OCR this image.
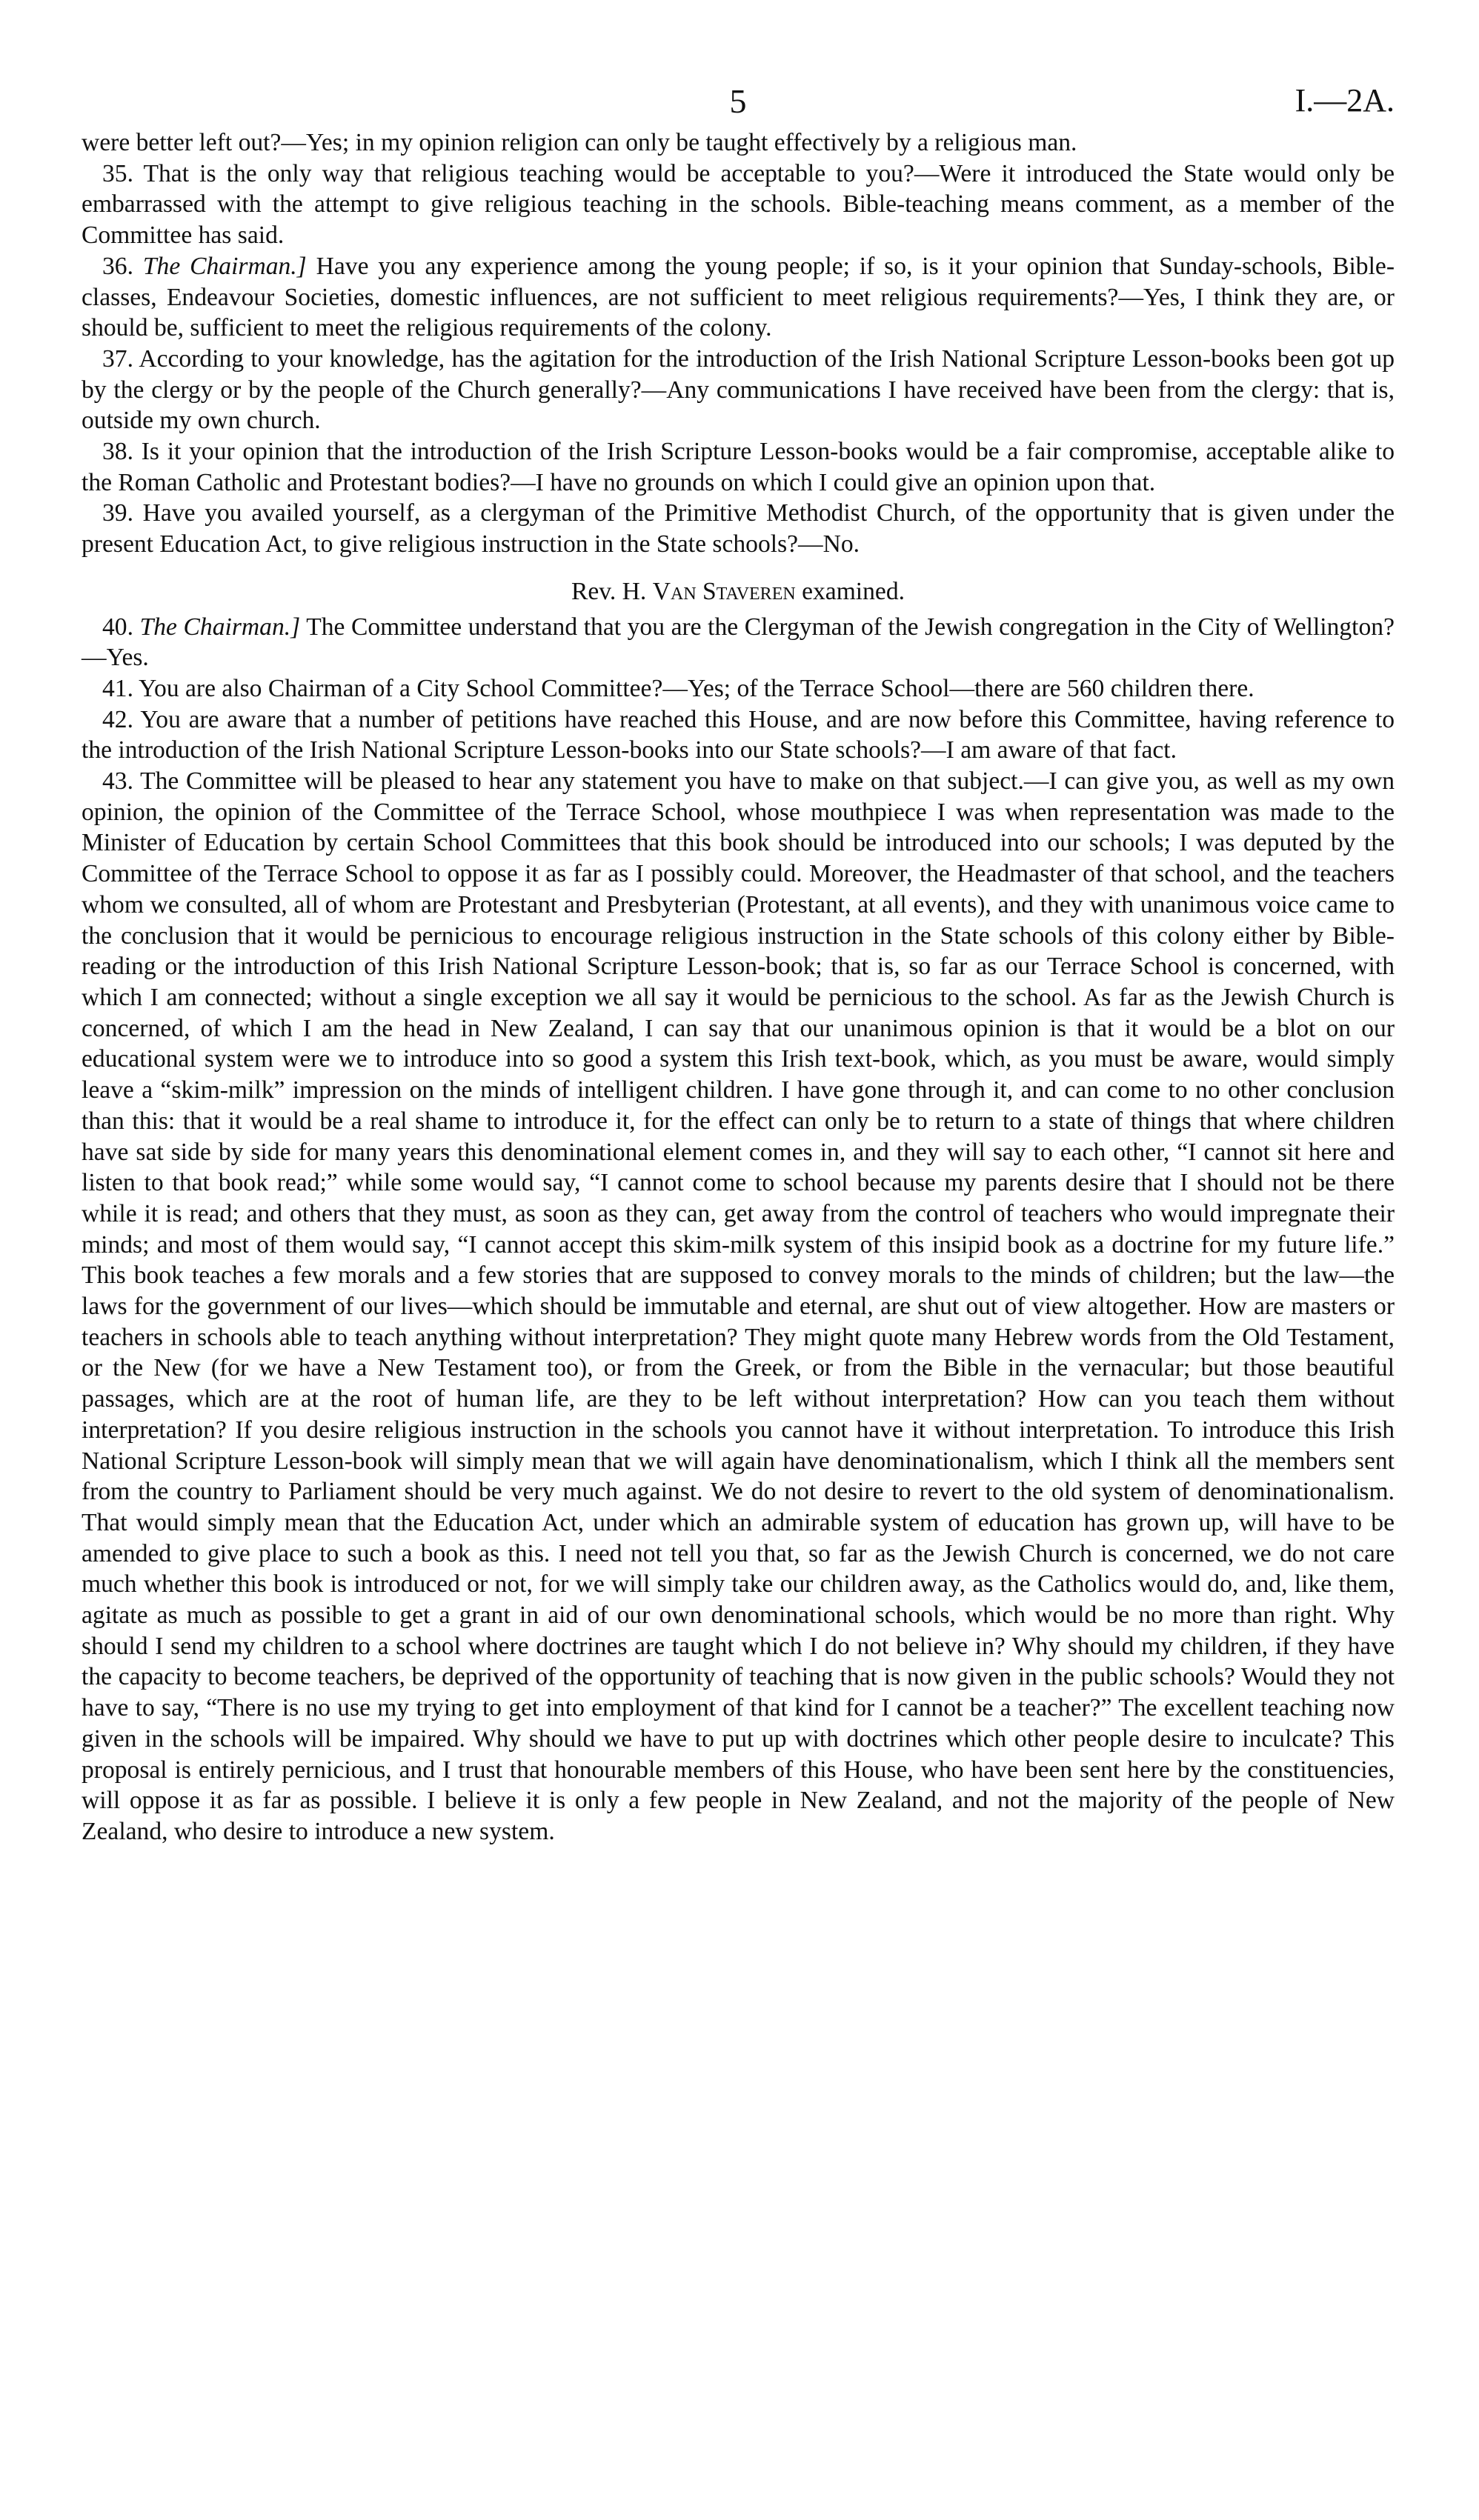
5	I.—2A.

were better left out?—Yes; in my opinion religion can only be taught effectively by a religious man.

35. That is the only way that religious teaching would be acceptable to you?—Were it introduced the State would only be embarrassed with the attempt to give religious teaching in the schools. Bible-teaching means comment, as a member of the Committee has said.

36. The Chairman.] Have you any experience among the young people; if so, is it your opinion that Sunday-schools, Bible-classes, Endeavour Societies, domestic influences, are not sufficient to meet religious requirements?—Yes, I think they are, or should be, sufficient to meet the religious requirements of the colony.

37. According to your knowledge, has the agitation for the introduction of the Irish National Scripture Lesson-books been got up by the clergy or by the people of the Church generally?—Any communications I have received have been from the clergy: that is, outside my own church.

38. Is it your opinion that the introduction of the Irish Scripture Lesson-books would be a fair compromise, acceptable alike to the Roman Catholic and Protestant bodies?—I have no grounds on which I could give an opinion upon that.

39. Have you availed yourself, as a clergyman of the Primitive Methodist Church, of the opportunity that is given under the present Education Act, to give religious instruction in the State schools?—No.

Rev. H. Van Staveren examined.

40. The Chairman.] The Committee understand that you are the Clergyman of the Jewish congregation in the City of Wellington?—Yes.

41. You are also Chairman of a City School Committee?—Yes; of the Terrace School—there are 560 children there.

42. You are aware that a number of petitions have reached this House, and are now before this Committee, having reference to the introduction of the Irish National Scripture Lesson-books into our State schools?—I am aware of that fact.

43. The Committee will be pleased to hear any statement you have to make on that subject.—I can give you, as well as my own opinion, the opinion of the Committee of the Terrace School, whose mouthpiece I was when representation was made to the Minister of Education by certain School Committees that this book should be introduced into our schools; I was deputed by the Committee of the Terrace School to oppose it as far as I possibly could. Moreover, the Headmaster of that school, and the teachers whom we consulted, all of whom are Protestant and Presbyterian (Protestant, at all events), and they with unanimous voice came to the conclusion that it would be pernicious to encourage religious instruction in the State schools of this colony either by Bible-reading or the introduction of this Irish National Scripture Lesson-book; that is, so far as our Terrace School is concerned, with which I am connected; without a single exception we all say it would be pernicious to the school. As far as the Jewish Church is concerned, of which I am the head in New Zealand, I can say that our unanimous opinion is that it would be a blot on our educational system were we to introduce into so good a system this Irish text-book, which, as you must be aware, would simply leave a “skim-milk” impression on the minds of intelligent children. I have gone through it, and can come to no other conclusion than this: that it would be a real shame to introduce it, for the effect can only be to return to a state of things that where children have sat side by side for many years this denominational element comes in, and they will say to each other, “I cannot sit here and listen to that book read;” while some would say, “I cannot come to school because my parents desire that I should not be there while it is read; and others that they must, as soon as they can, get away from the control of teachers who would impregnate their minds; and most of them would say, “I cannot accept this skim-milk system of this insipid book as a doctrine for my future life.” This book teaches a few morals and a few stories that are supposed to convey morals to the minds of children; but the law—the laws for the government of our lives—which should be immutable and eternal, are shut out of view altogether. How are masters or teachers in schools able to teach anything without interpretation? They might quote many Hebrew words from the Old Testament, or the New (for we have a New Testament too), or from the Greek, or from the Bible in the vernacular; but those beautiful passages, which are at the root of human life, are they to be left without interpretation? How can you teach them without interpretation? If you desire religious instruction in the schools you cannot have it without interpretation. To introduce this Irish National Scripture Lesson-book will simply mean that we will again have denominationalism, which I think all the members sent from the country to Parliament should be very much against. We do not desire to revert to the old system of denominationalism. That would simply mean that the Education Act, under which an admirable system of education has grown up, will have to be amended to give place to such a book as this. I need not tell you that, so far as the Jewish Church is concerned, we do not care much whether this book is introduced or not, for we will simply take our children away, as the Catholics would do, and, like them, agitate as much as possible to get a grant in aid of our own denominational schools, which would be no more than right. Why should I send my children to a school where doctrines are taught which I do not believe in? Why should my children, if they have the capacity to become teachers, be deprived of the opportunity of teaching that is now given in the public schools? Would they not have to say, “There is no use my trying to get into employment of that kind for I cannot be a teacher?” The excellent teaching now given in the schools will be impaired. Why should we have to put up with doctrines which other people desire to inculcate? This proposal is entirely pernicious, and I trust that honourable members of this House, who have been sent here by the constituencies, will oppose it as far as possible. I believe it is only a few people in New Zealand, and not the majority of the people of New Zealand, who desire to introduce a new system.
